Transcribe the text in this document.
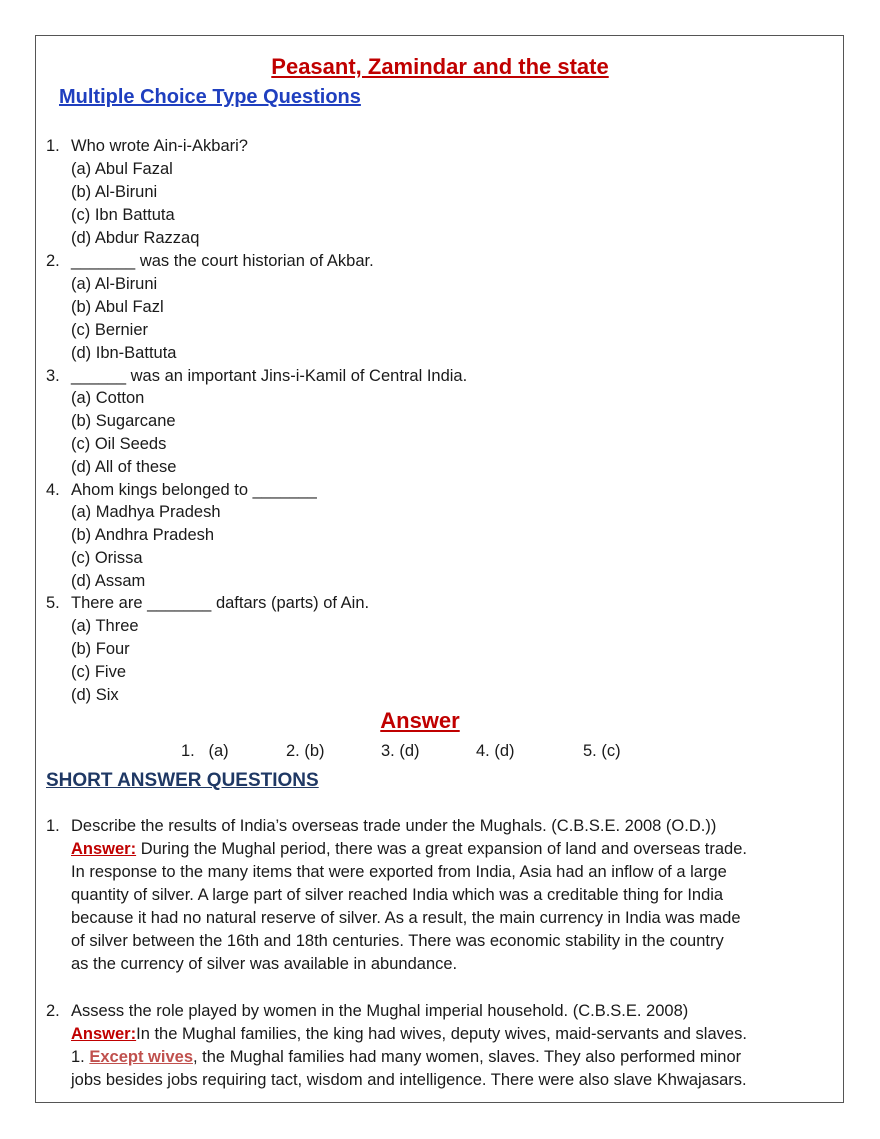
Peasant, Zamindar and the state
Multiple Choice Type Questions
1. Who wrote Ain-i-Akbari?
(a) Abul Fazal
(b) Al-Biruni
(c) Ibn Battuta
(d) Abdur Razzaq
2. _______ was the court historian of Akbar.
(a) Al-Biruni
(b) Abul Fazl
(c) Bernier
(d) Ibn-Battuta
3. ______ was an important Jins-i-Kamil of Central India.
(a) Cotton
(b) Sugarcane
(c) Oil Seeds
(d) All of these
4. Ahom kings belonged to _______
(a) Madhya Pradesh
(b) Andhra Pradesh
(c) Orissa
(d) Assam
5. There are _______ daftars (parts) of Ain.
(a) Three
(b) Four
(c) Five
(d) Six
Answer
1.   (a)	2. (b)	3. (d)	4. (d)	5. (c)
SHORT ANSWER QUESTIONS
1. Describe the results of India’s overseas trade under the Mughals. (C.B.S.E. 2008 (O.D.))
Answer: During the Mughal period, there was a great expansion of land and overseas trade.
In response to the many items that were exported from India, Asia had an inflow of a large
quantity of silver. A large part of silver reached India which was a creditable thing for India
because it had no natural reserve of silver. As a result, the main currency in India was made
of silver between the 16th and 18th centuries. There was economic stability in the country
as the currency of silver was available in abundance.
2. Assess the role played by women in the Mughal imperial household. (C.B.S.E. 2008)
Answer:In the Mughal families, the king had wives, deputy wives, maid-servants and slaves.
1. Except wives, the Mughal families had many women, slaves. They also performed minor
jobs besides jobs requiring tact, wisdom and intelligence. There were also slave Khwajasars.
